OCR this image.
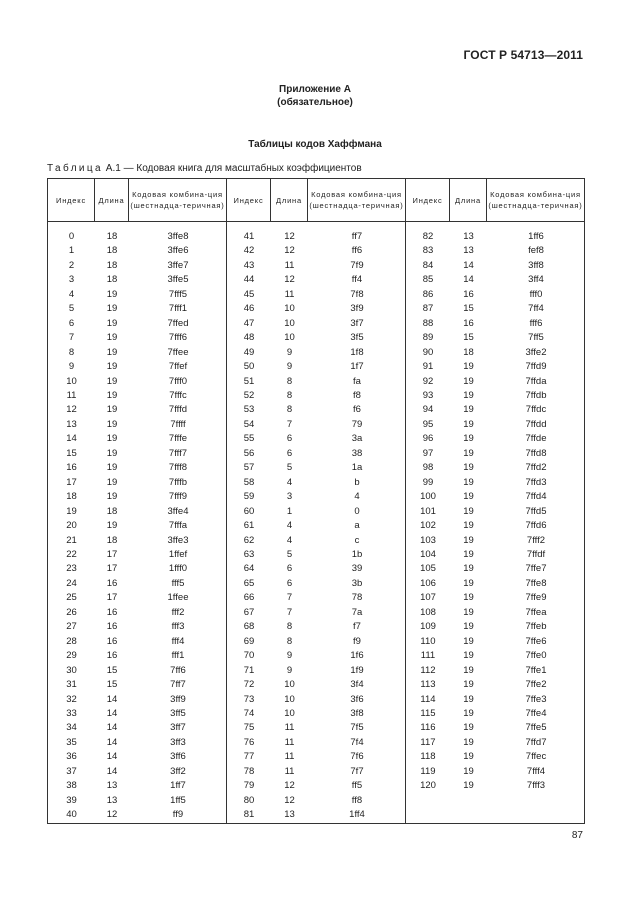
ГОСТ Р 54713—2011
Приложение А
(обязательное)
Таблицы кодов Хаффмана
Таблица А.1 — Кодовая книга для масштабных коэффициентов
Индекс	Длина	Кодовая комбина-ция (шестнадца-теричная)	Индекс	Длина	Кодовая комбина-ция (шестнадца-теричная)	Индекс	Длина	Кодовая комбина-ция (шестнадца-теричная)

0	18	3ffe8
1	18	3ffe6
2	18	3ffe7
3	18	3ffe5
4	19	7fff5
5	19	7fff1
6	19	7ffed
7	19	7fff6
8	19	7ffee
9	19	7ffef
10	19	7fff0
11	19	7fffc
12	19	7fffd
13	19	7ffff
14	19	7fffe
15	19	7fff7
16	19	7fff8
17	19	7fffb
18	19	7fff9
19	18	3ffe4
20	19	7fffa
21	18	3ffe3
22	17	1ffef
23	17	1fff0
24	16	fff5
25	17	1ffee
26	16	fff2
27	16	fff3
28	16	fff4
29	16	fff1
30	15	7ff6
31	15	7ff7
32	14	3ff9
33	14	3ff5
34	14	3ff7
35	14	3ff3
36	14	3ff6
37	14	3ff2
38	13	1ff7
39	13	1ff5
40	12	ff9

41	12	ff7
42	12	ff6
43	11	7f9
44	12	ff4
45	11	7f8
46	10	3f9
47	10	3f7
48	10	3f5
49	9	1f8
50	9	1f7
51	8	fa
52	8	f8
53	8	f6
54	7	79
55	6	3a
56	6	38
57	5	1a
58	4	b
59	3	4
60	1	0
61	4	a
62	4	c
63	5	1b
64	6	39
65	6	3b
66	7	78
67	7	7a
68	8	f7
69	8	f9
70	9	1f6
71	9	1f9
72	10	3f4
73	10	3f6
74	10	3f8
75	11	7f5
76	11	7f4
77	11	7f6
78	11	7f7
79	12	ff5
80	12	ff8
81	13	1ff4

82	13	1ff6
83	13	fef8
84	14	3ff8
85	14	3ff4
86	16	fff0
87	15	7ff4
88	16	fff6
89	15	7ff5
90	18	3ffe2
91	19	7ffd9
92	19	7ffda
93	19	7ffdb
94	19	7ffdc
95	19	7ffdd
96	19	7ffde
97	19	7ffd8
98	19	7ffd2
99	19	7ffd3
100	19	7ffd4
101	19	7ffd5
102	19	7ffd6
103	19	7fff2
104	19	7ffdf
105	19	7ffe7
106	19	7ffe8
107	19	7ffe9
108	19	7ffea
109	19	7ffeb
110	19	7ffe6
111	19	7ffe0
112	19	7ffe1
113	19	7ffe2
114	19	7ffe3
115	19	7ffe4
116	19	7ffe5
117	19	7ffd7
118	19	7ffec
119	19	7fff4
120	19	7fff3
87
